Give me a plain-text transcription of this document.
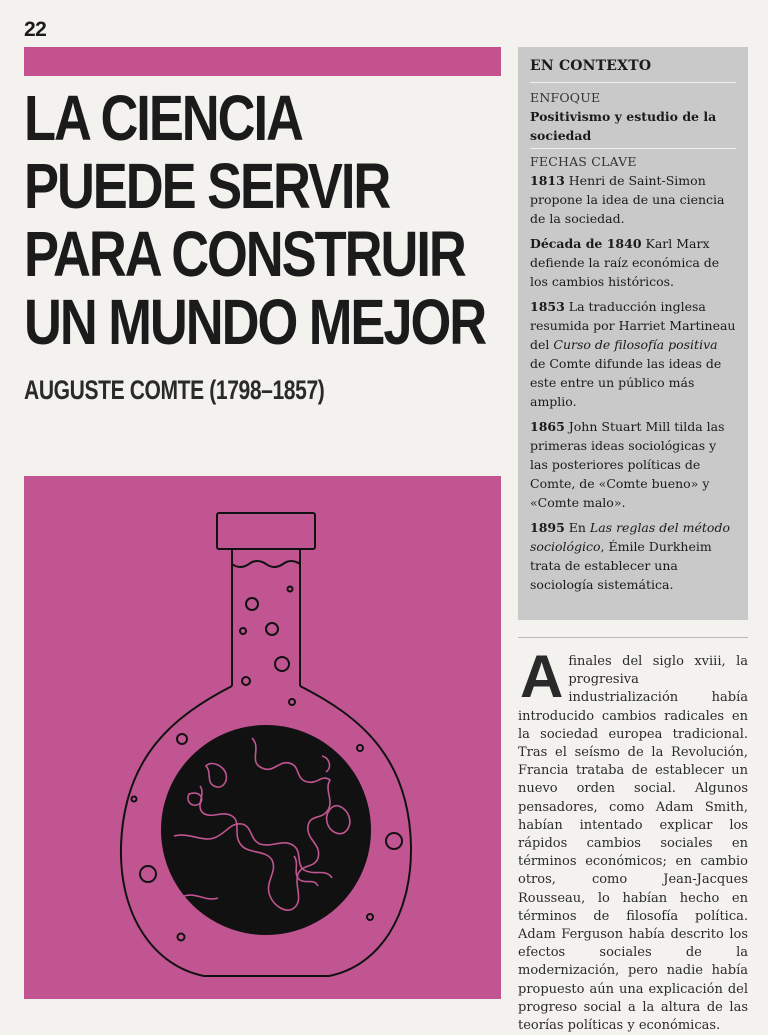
22
LA CIENCIA
PUEDE SERVIR
PARA CONSTRUIR
UN MUNDO MEJOR
AUGUSTE COMTE (1798–1857)
EN CONTEXTO
ENFOQUE
Positivismo y estudio de la sociedad
FECHAS CLAVE

1813 Henri de Saint-Simon propone la idea de una ciencia de la sociedad.

Década de 1840 Karl Marx defiende la raíz económica de los cambios históricos.

1853 La traducción inglesa resumida por Harriet Martineau del Curso de filosofía positiva de Comte difunde las ideas de este entre un público más amplio.

1865 John Stuart Mill tilda las primeras ideas sociológicas y las posteriores políticas de Comte, de «Comte bueno» y «Comte malo».

1895 En Las reglas del método sociológico, Émile Durkheim trata de establecer una sociología sistemática.

Afinales del siglo xviii, la progresiva industrialización había introducido cambios radicales en la sociedad europea tradicional. Tras el seísmo de la Revolución, Francia trataba de establecer un nuevo orden social. Algunos pensadores, como Adam Smith, habían intentado explicar los rápidos cambios sociales en términos económicos; en cambio otros, como Jean-Jacques Rousseau, lo habían hecho en términos de filosofía política. Adam Ferguson había descrito los efectos sociales de la modernización, pero nadie había propuesto aún una explicación del progreso social a la altura de las teorías políticas y económicas.
